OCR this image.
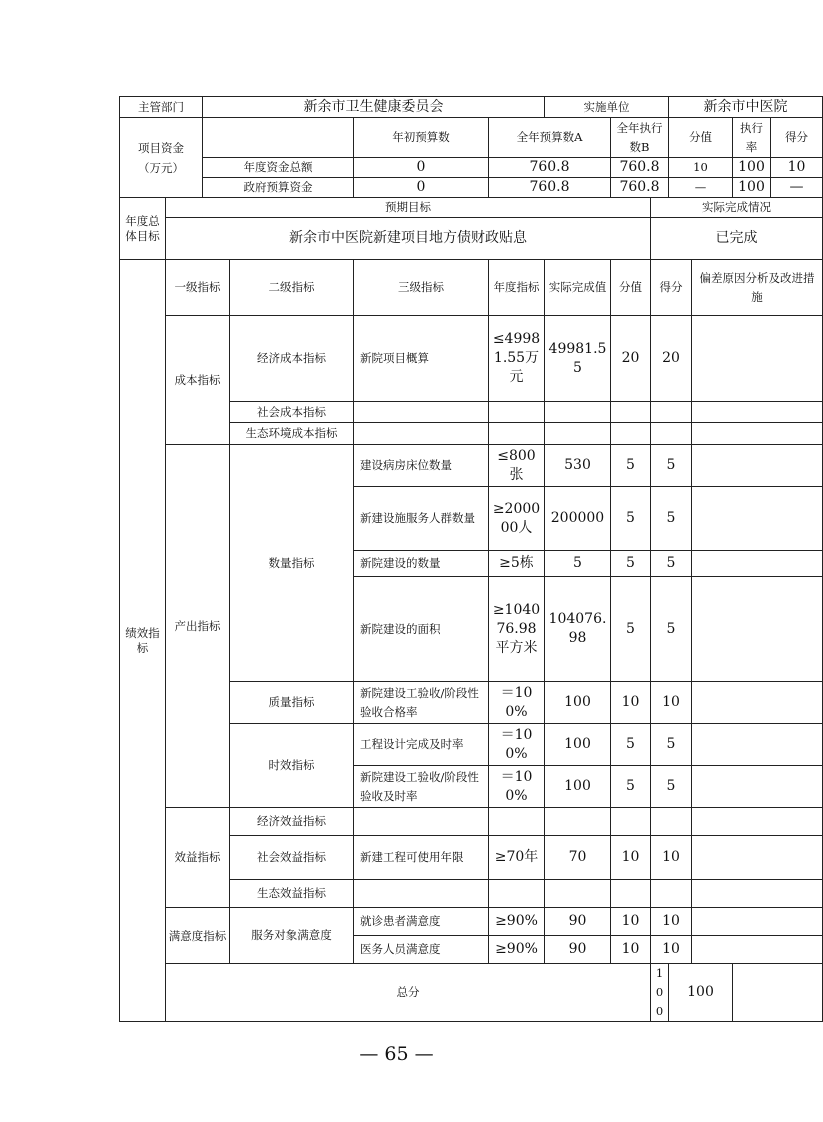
主管部门		新余市卫生健康委员会				实施单位			新余市中医院			

项目资金
（万元）				年初预算数	全年预算数A		全年执行数B		分值		执行率	得分
		年度资金总额		0	760.8		760.8		10		100	10
		政府预算资金		0	760.8		760.8		—		100	—
年度总体目标	预期目标							实际完成情况				
	新余市中医院新建项目地方债财政贴息							已完成				
绩效指标	一级指标		二级指标	三级指标	年度指标	实际完成值	分值	得分		偏差原因分析及改进措施		
	成本指标		经济成本指标	新院项目概算	≤49981.55万元	49981.55	20	20				
			社会成本指标									
			生态环境成本指标									
	产出指标		数量指标	建设病房床位数量	≤800张	530	5	5				
				新建设施服务人群数量	≥200000人	200000	5	5				
				新院建设的数量	≥5栋	5	5	5				
				新院建设的面积	≥104076.98平方米	104076.98	5	5				
			质量指标	新院建设工验收/阶段性验收合格率	＝100%	100	10	10				
			时效指标	工程设计完成及时率	＝100%	100	5	5				
				新院建设工验收/阶段性验收及时率	＝100%	100	5	5				
	效益指标		经济效益指标									
			社会效益指标	新建工程可使用年限	≥70年	70	10	10				
			生态效益指标									
	满意度指标		服务对象满意度	就诊患者满意度	≥90%	90	10	10				
				医务人员满意度	≥90%	90	10	10				
	总分							100	100			
— 65 —
